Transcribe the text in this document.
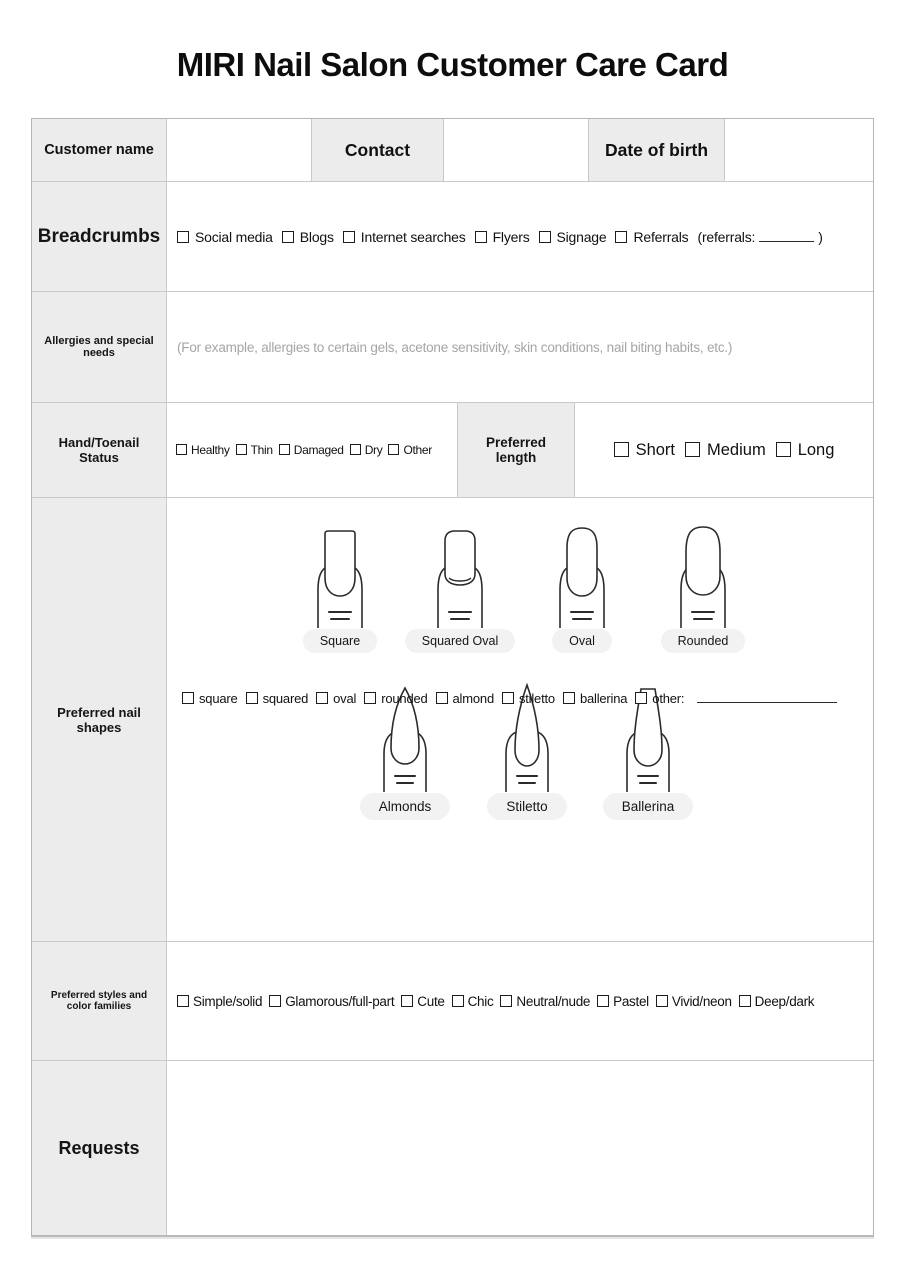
MIRI Nail Salon Customer Care Card
Customer name	Contact	Date of birth
Breadcrumbs	Social media Blogs Internet searches Flyers Signage Referrals (referrals:	)
Allergies and special needs	(For example, allergies to certain gels, acetone sensitivity, skin conditions, nail biting habits, etc.)
Hand/Toenail Status	Healthy Thin Damaged Dry Other	Preferred length	Short Medium Long
Preferred nail shapes
Square	Squared Oval	Oval	Rounded
Almonds	Stiletto	Ballerina
square squared oval rounded almond stiletto ballerina other:
Preferred styles and color families	Simple/solid Glamorous/full-part Cute Chic Neutral/nude Pastel Vivid/neon Deep/dark
Requests
